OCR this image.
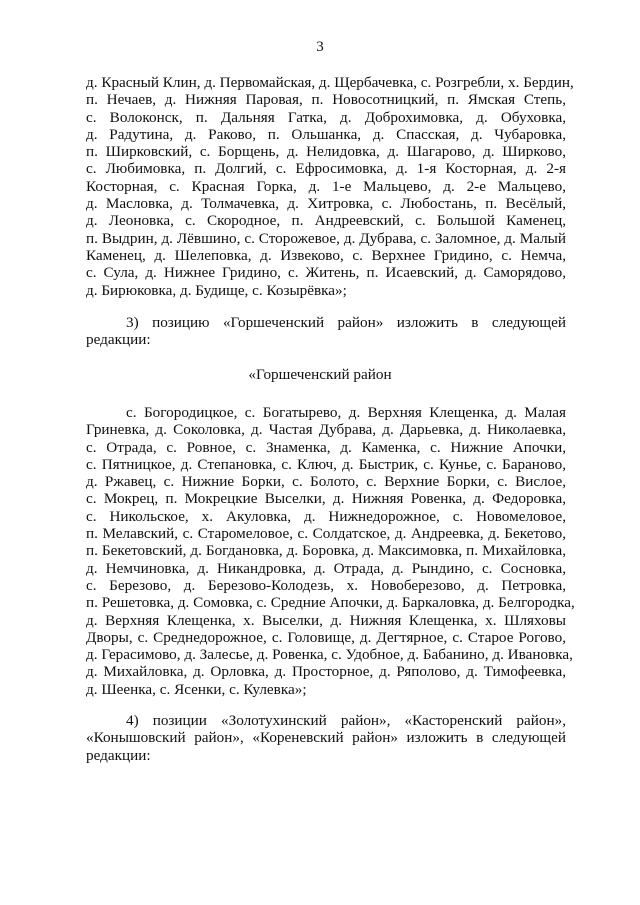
3
д. Красный Клин, д. Первомайская, д. Щербачевка, с. Розгребли, х. Бердин,
п. Нечаев, д. Нижняя Паровая, п. Новосотницкий, п. Ямская Степь,
с. Волоконск, п. Дальняя Гатка, д. Доброхимовка, д. Обуховка,
д. Радутина, д. Раково, п. Ольшанка, д. Спасская, д. Чубаровка,
п. Ширковский, с. Борщень, д. Нелидовка, д. Шагарово, д. Ширково,
с. Любимовка, п. Долгий, с. Ефросимовка, д. 1-я Косторная, д. 2-я
Косторная, с. Красная Горка, д. 1-е Мальцево, д. 2-е Мальцево,
д. Масловка, д. Толмачевка, д. Хитровка, с. Любостань, п. Весёлый,
д. Леоновка, с. Скородное, п. Андреевский, с. Большой Каменец,
п. Выдрин, д. Лёвшино, с. Сторожевое, д. Дубрава, с. Заломное, д. Малый
Каменец, д. Шелеповка, д. Извеково, с. Верхнее Гридино, с. Немча,
с. Сула, д. Нижнее Гридино, с. Житень, п. Исаевский, д. Саморядово,
д. Бирюковка, д. Будище, с. Козырёвка»;
3) позицию «Горшеченский район» изложить в следующей
редакции:
«Горшеченский район
с. Богородицкое, с. Богатырево, д. Верхняя Клещенка, д. Малая
Гриневка, д. Соколовка, д. Частая Дубрава, д. Дарьевка, д. Николаевка,
с. Отрада, с. Ровное, с. Знаменка, д. Каменка, с. Нижние Апочки,
с. Пятницкое, д. Степановка, с. Ключ, д. Быстрик, с. Кунье, с. Бараново,
д. Ржавец, с. Нижние Борки, с. Болото, с. Верхние Борки, с. Вислое,
с. Мокрец, п. Мокрецкие Выселки, д. Нижняя Ровенка, д. Федоровка,
с. Никольское, х. Акуловка, д. Нижнедорожное, с. Новомеловое,
п. Мелавский, с. Старомеловое, с. Солдатское, д. Андреевка, д. Бекетово,
п. Бекетовский, д. Богдановка, д. Боровка, д. Максимовка, п. Михайловка,
д. Немчиновка, д. Никандровка, д. Отрада, д. Рындино, с. Сосновка,
с. Березово, д. Березово-Колодезь, х. Новоберезово, д. Петровка,
п. Решетовка, д. Сомовка, с. Средние Апочки, д. Баркаловка, д. Белгородка,
д. Верхняя Клещенка, х. Выселки, д. Нижняя Клещенка, х. Шляховы
Дворы, с. Среднедорожное, с. Головище, д. Дегтярное, с. Старое Рогово,
д. Герасимово, д. Залесье, д. Ровенка, с. Удобное, д. Бабанино, д. Ивановка,
д. Михайловка, д. Орловка, д. Просторное, д. Ряполово, д. Тимофеевка,
д. Шеенка, с. Ясенки, с. Кулевка»;
4) позиции «Золотухинский район», «Касторенский район»,
«Конышовский район», «Кореневский район» изложить в следующей
редакции:
